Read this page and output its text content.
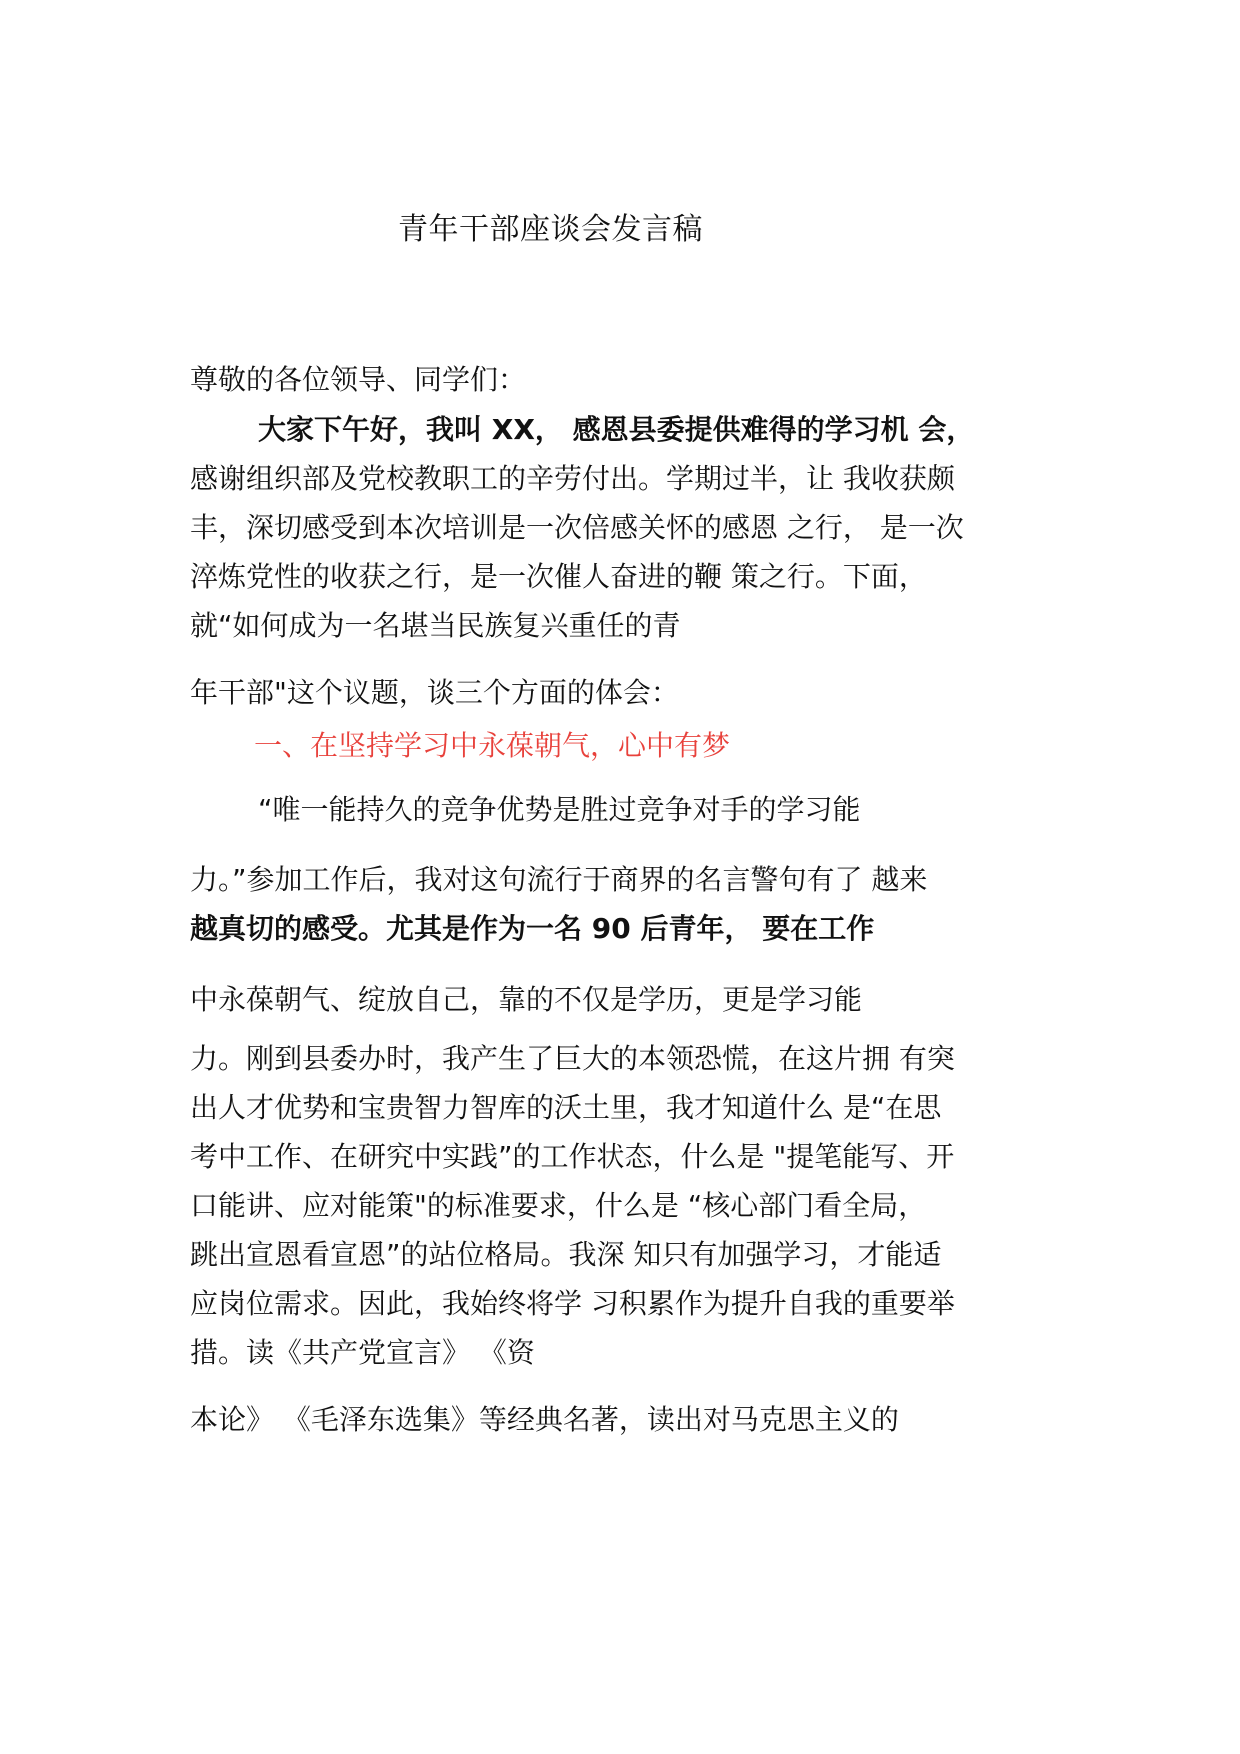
青年干部座谈会发言稿
尊敬的各位领导、同学们：
大家下午好，我叫 XX， 感恩县委提供难得的学习机 会，
感谢组织部及党校教职工的辛劳付出。学期过半，让 我收获颇
丰，深切感受到本次培训是一次倍感关怀的感恩 之行， 是一次
淬炼党性的收获之行，是一次催人奋进的鞭 策之行。下面，
就“如何成为一名堪当民族复兴重任的青
年干部"这个议题，谈三个方面的体会：
一、在坚持学习中永葆朝气，心中有梦
“唯一能持久的竞争优势是胜过竞争对手的学习能
力。”参加工作后，我对这句流行于商界的名言警句有了 越来
越真切的感受。尤其是作为一名 90 后青年， 要在工作
中永葆朝气、绽放自己，靠的不仅是学历，更是学习能
力。刚到县委办时，我产生了巨大的本领恐慌，在这片拥 有突
出人才优势和宝贵智力智库的沃土里，我才知道什么 是“在思
考中工作、在研究中实践”的工作状态，什么是 "提笔能写、开
口能讲、应对能策"的标准要求，什么是 “核心部门看全局，
跳出宣恩看宣恩”的站位格局。我深 知只有加强学习，才能适
应岗位需求。因此，我始终将学 习积累作为提升自我的重要举
措。读《共产党宣言》 《资
本论》 《毛泽东选集》等经典名著，读出对马克思主义的
